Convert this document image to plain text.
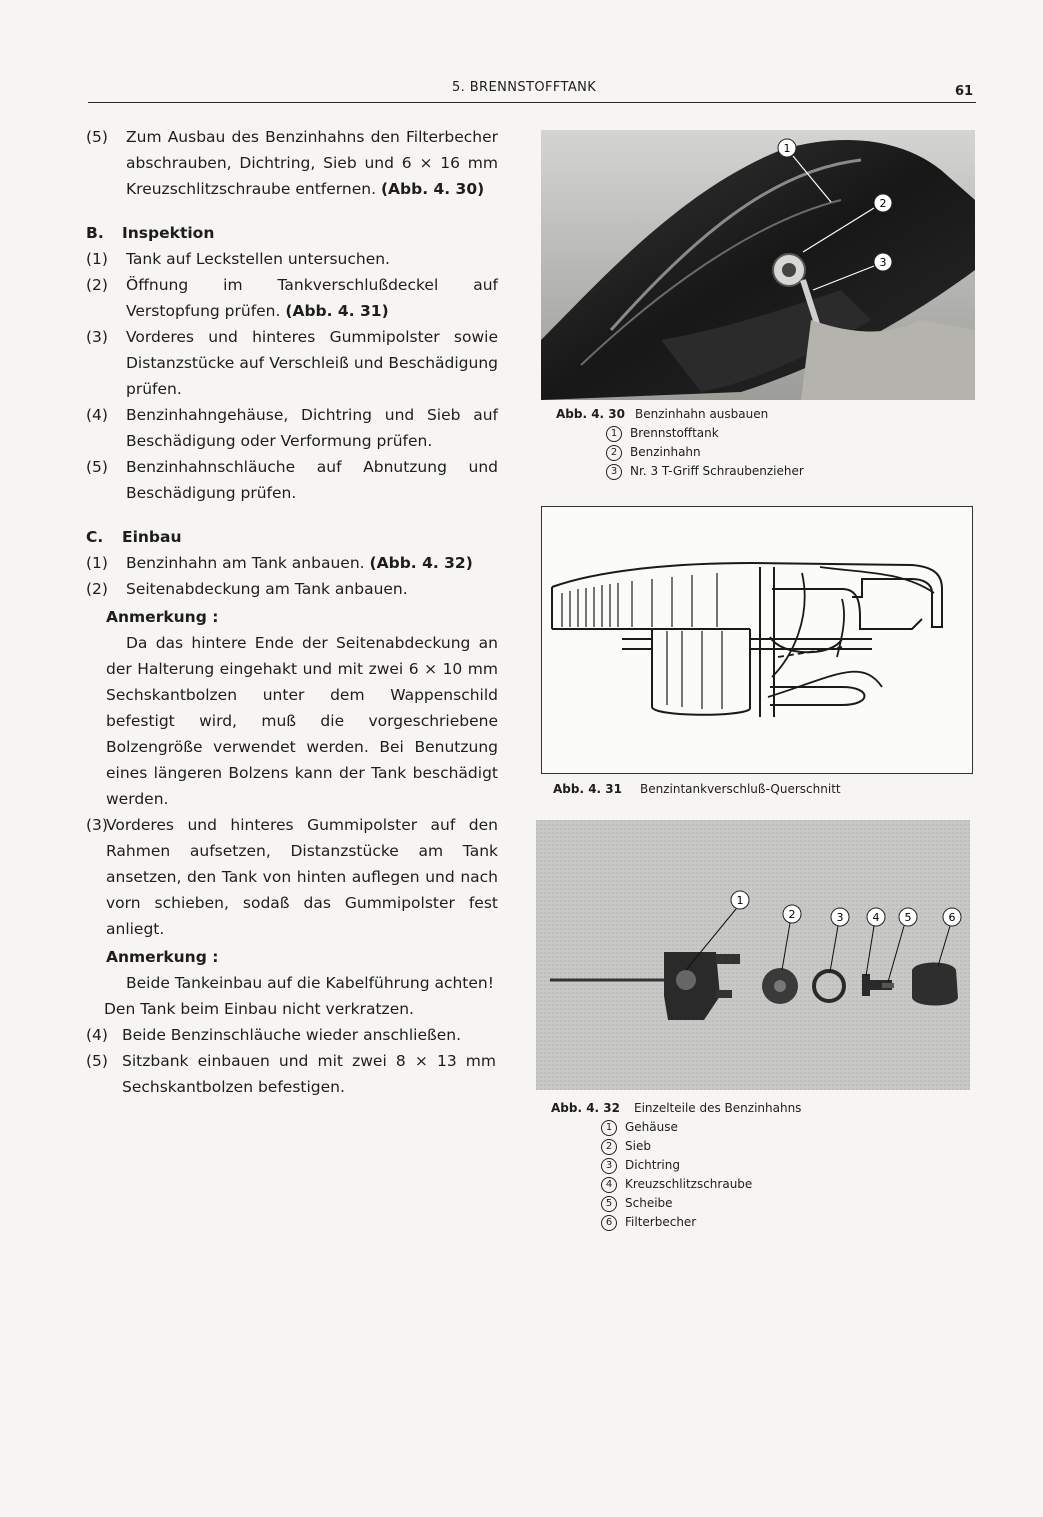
5. BRENNSTOFFTANK	61
(5)	Zum Ausbau des Benzinhahns den Filterbecher abschrauben, Dichtring, Sieb und 6 × 16 mm Kreuzschlitzschraube entfernen. (Abb. 4. 30)
B.	Inspektion
(1)	Tank auf Leckstellen untersuchen.
(2)	Öffnung im Tankverschlußdeckel auf Verstopfung prüfen. (Abb. 4. 31)
(3)	Vorderes und hinteres Gummipolster sowie Distanzstücke auf Verschleiß und Beschädigung prüfen.
(4)	Benzinhahngehäuse, Dichtring und Sieb auf Beschädigung oder Verformung prüfen.
(5)	Benzinhahnschläuche auf Abnutzung und Beschädigung prüfen.
C.	Einbau
(1)	Benzinhahn am Tank anbauen. (Abb. 4. 32)
(2)	Seitenabdeckung am Tank anbauen.
Anmerkung :
Da das hintere Ende der Seitenabdeckung an der Halterung eingehakt und mit zwei 6 × 10 mm Sechskantbolzen unter dem Wappenschild befestigt wird, muß die vorgeschriebene Bolzengröße verwendet werden. Bei Benutzung eines längeren Bolzens kann der Tank beschädigt werden.
(3)
Vorderes und hinteres Gummipolster auf den Rahmen aufsetzen, Distanzstücke am Tank ansetzen, den Tank von hinten auflegen und nach vorn schieben, sodaß das Gummipolster fest anliegt.
Anmerkung :
Beide Tankeinbau auf die Kabelführung achten!
Den Tank beim Einbau nicht verkratzen.
(4) Beide Benzinschläuche wieder anschließen.
(5) Sitzbank einbauen und mit zwei 8 × 13 mm Sechskantbolzen befestigen.
1
2
3
Abb. 4. 30 Benzinhahn ausbauen
1 Brennstofftank
2 Benzinhahn
3 Nr. 3 T-Griff Schraubenzieher
Abb. 4. 31 Benzintankverschluß-Querschnitt
1
2	3	4 5	6
Abb. 4. 32 Einzelteile des Benzinhahns
1 Gehäuse
2 Sieb
3 Dichtring
4 Kreuzschlitzschraube
5 Scheibe
6 Filterbecher
